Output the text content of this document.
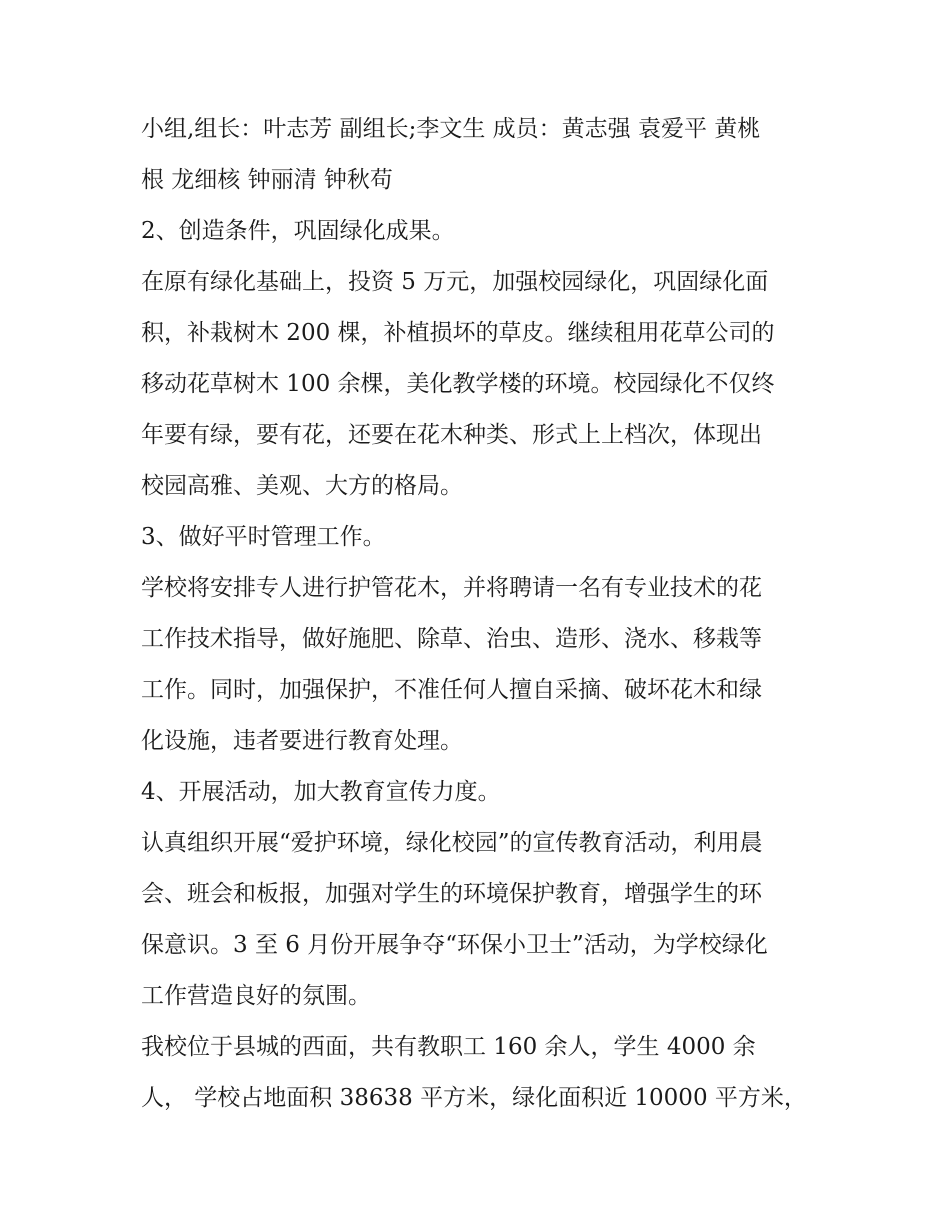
小组,组长：叶志芳 副组长;李文生 成员：黄志强 袁爱平 黄桃
根 龙细核 钟丽清 钟秋苟
2、创造条件，巩固绿化成果。
在原有绿化基础上，投资 5 万元，加强校园绿化，巩固绿化面
积，补栽树木 200 棵，补植损坏的草皮。继续租用花草公司的
移动花草树木 100 余棵，美化教学楼的环境。校园绿化不仅终
年要有绿，要有花，还要在花木种类、形式上上档次，体现出
校园高雅、美观、大方的格局。
3、做好平时管理工作。
学校将安排专人进行护管花木，并将聘请一名有专业技术的花
工作技术指导，做好施肥、除草、治虫、造形、浇水、移栽等
工作。同时，加强保护，不准任何人擅自采摘、破坏花木和绿
化设施，违者要进行教育处理。
4、开展活动，加大教育宣传力度。
认真组织开展“爱护环境，绿化校园”的宣传教育活动，利用晨
会、班会和板报，加强对学生的环境保护教育，增强学生的环
保意识。3 至 6 月份开展争夺“环保小卫士”活动，为学校绿化
工作营造良好的氛围。
我校位于县城的西面，共有教职工 160 余人，学生 4000 余
人， 学校占地面积 38638 平方米，绿化面积近 10000 平方米，
